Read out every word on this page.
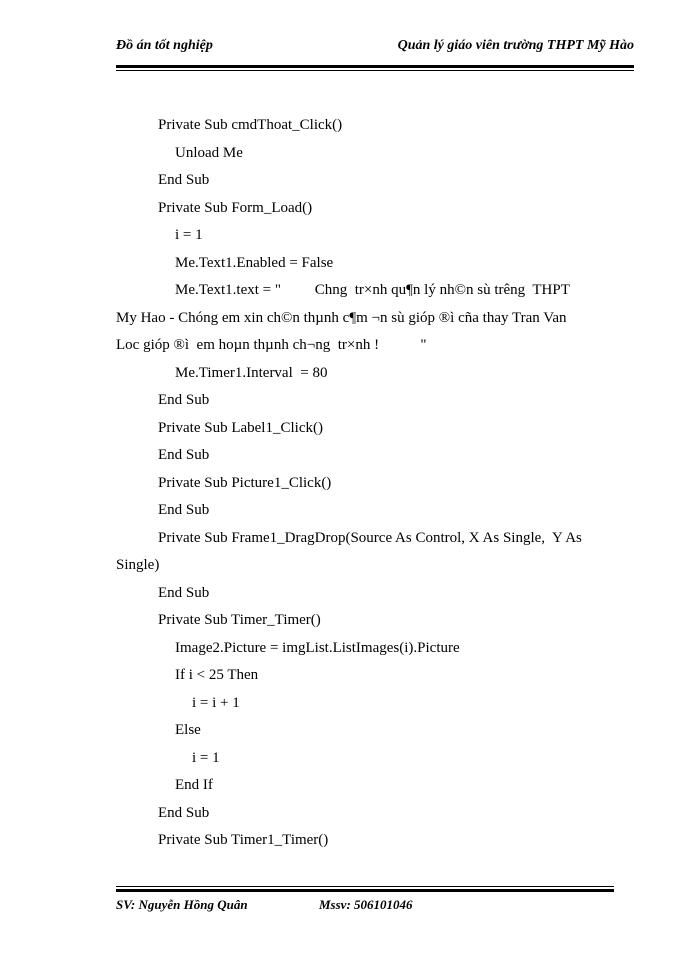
Đồ án tốt nghiệp	Quản lý giáo viên trường THPT Mỹ Hào
Private Sub cmdThoat_Click()
Unload Me
End Sub
Private Sub Form_Load()
i = 1
Me.Text1.Enabled = False
Me.Text1.text = "         Chng  tr×nh qu¶n lý nh©n sù trêng  THPT
My Hao - Chóng em xin ch©n thµnh c¶m ¬n sù gióp ®ì cña thay Tran Van
Loc gióp ®ì  em hoµn thµnh ch¬ng  tr×nh !           "
Me.Timer1.Interval  = 80
End Sub
Private Sub Label1_Click()
End Sub
Private Sub Picture1_Click()
End Sub
Private Sub Frame1_DragDrop(Source As Control, X As Single,  Y As
Single)
End Sub
Private Sub Timer_Timer()
Image2.Picture = imgList.ListImages(i).Picture
If i < 25 Then
i = i + 1
Else
i = 1
End If
End Sub
Private Sub Timer1_Timer()
SV: Nguyễn Hồng Quân	Mssv: 506101046
